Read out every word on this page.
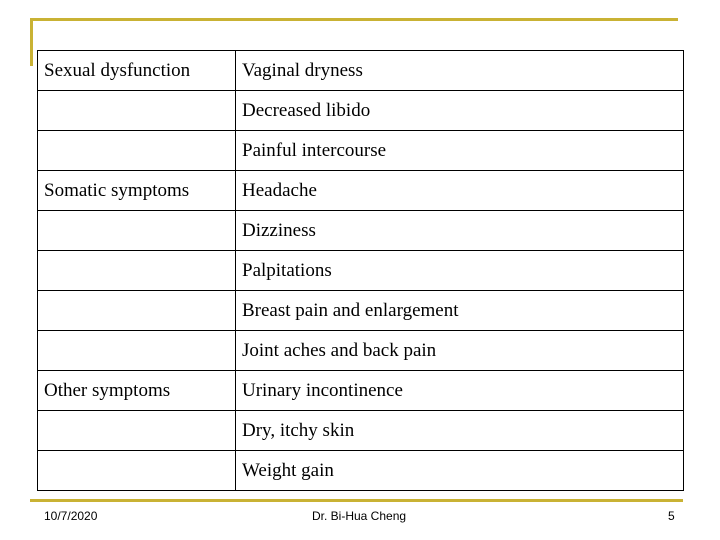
Sexual dysfunction	Vaginal dryness
	Decreased libido
	Painful intercourse
Somatic symptoms	Headache
	Dizziness
	Palpitations
	Breast pain and enlargement
	Joint aches and back pain
Other symptoms	Urinary incontinence
	Dry, itchy skin
	Weight gain
10/7/2020	Dr. Bi-Hua Cheng	5
